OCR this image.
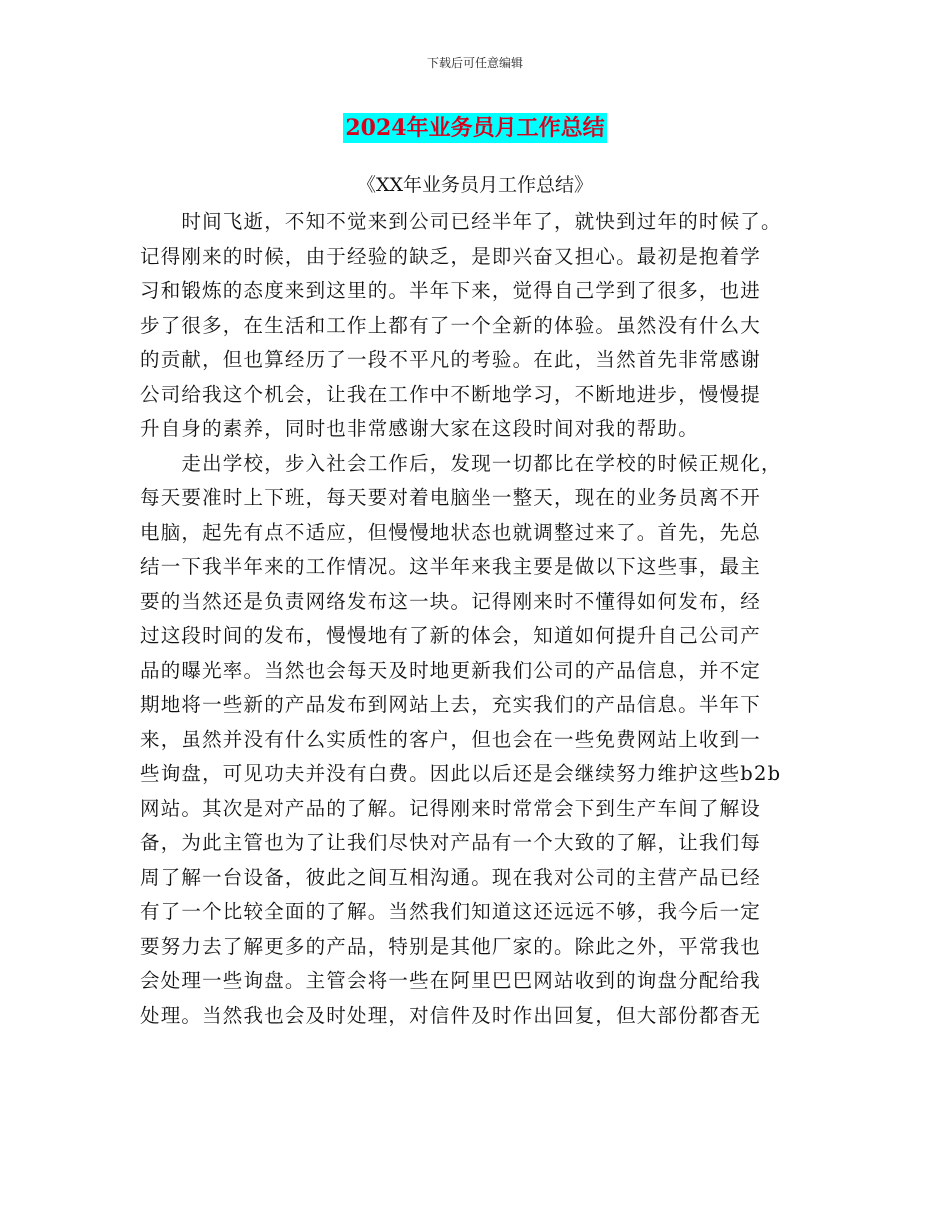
下载后可任意编辑
2024年业务员月工作总结
《XX年业务员月工作总结》
　　时间飞逝，不知不觉来到公司已经半年了，就快到过年的时候了。
记得刚来的时候，由于经验的缺乏，是即兴奋又担心。最初是抱着学
习和锻炼的态度来到这里的。半年下来，觉得自己学到了很多，也进
步了很多，在生活和工作上都有了一个全新的体验。虽然没有什么大
的贡献，但也算经历了一段不平凡的考验。在此，当然首先非常感谢
公司给我这个机会，让我在工作中不断地学习，不断地进步，慢慢提
升自身的素养，同时也非常感谢大家在这段时间对我的帮助。
　　走出学校，步入社会工作后，发现一切都比在学校的时候正规化，
每天要准时上下班，每天要对着电脑坐一整天，现在的业务员离不开
电脑，起先有点不适应，但慢慢地状态也就调整过来了。首先，先总
结一下我半年来的工作情况。这半年来我主要是做以下这些事，最主
要的当然还是负责网络发布这一块。记得刚来时不懂得如何发布，经
过这段时间的发布，慢慢地有了新的体会，知道如何提升自己公司产
品的曝光率。当然也会每天及时地更新我们公司的产品信息，并不定
期地将一些新的产品发布到网站上去，充实我们的产品信息。半年下
来，虽然并没有什么实质性的客户，但也会在一些免费网站上收到一
些询盘，可见功夫并没有白费。因此以后还是会继续努力维护这些b2b
网站。其次是对产品的了解。记得刚来时常常会下到生产车间了解设
备，为此主管也为了让我们尽快对产品有一个大致的了解，让我们每
周了解一台设备，彼此之间互相沟通。现在我对公司的主营产品已经
有了一个比较全面的了解。当然我们知道这还远远不够，我今后一定
要努力去了解更多的产品，特别是其他厂家的。除此之外，平常我也
会处理一些询盘。主管会将一些在阿里巴巴网站收到的询盘分配给我
处理。当然我也会及时处理，对信件及时作出回复，但大部份都杳无
